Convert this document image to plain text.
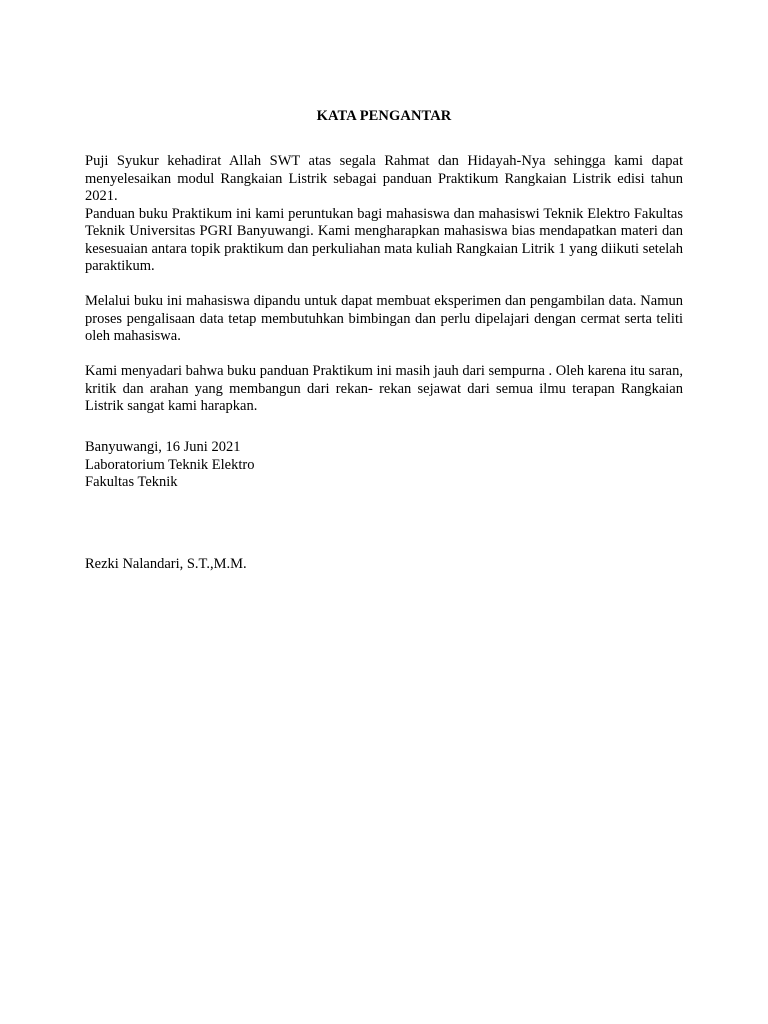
KATA PENGANTAR

Puji Syukur kehadirat Allah SWT atas segala Rahmat dan Hidayah-Nya sehingga kami dapat menyelesaikan modul Rangkaian Listrik sebagai panduan Praktikum Rangkaian Listrik edisi tahun 2021.

Panduan buku Praktikum ini kami peruntukan bagi mahasiswa dan mahasiswi Teknik Elektro Fakultas Teknik Universitas PGRI Banyuwangi. Kami mengharapkan mahasiswa bias mendapatkan materi dan kesesuaian antara topik praktikum dan perkuliahan mata kuliah Rangkaian Litrik 1 yang diikuti setelah paraktikum.

Melalui buku ini mahasiswa dipandu untuk dapat membuat eksperimen dan pengambilan data. Namun proses pengalisaan data tetap membutuhkan bimbingan dan perlu dipelajari dengan cermat serta teliti oleh mahasiswa.

Kami menyadari bahwa buku panduan Praktikum ini masih jauh dari sempurna . Oleh karena itu saran, kritik dan arahan yang membangun dari rekan- rekan sejawat dari semua ilmu terapan Rangkaian Listrik sangat kami harapkan.

Banyuwangi, 16 Juni 2021
Laboratorium Teknik Elektro
Fakultas Teknik
Rezki Nalandari, S.T.,M.M.
